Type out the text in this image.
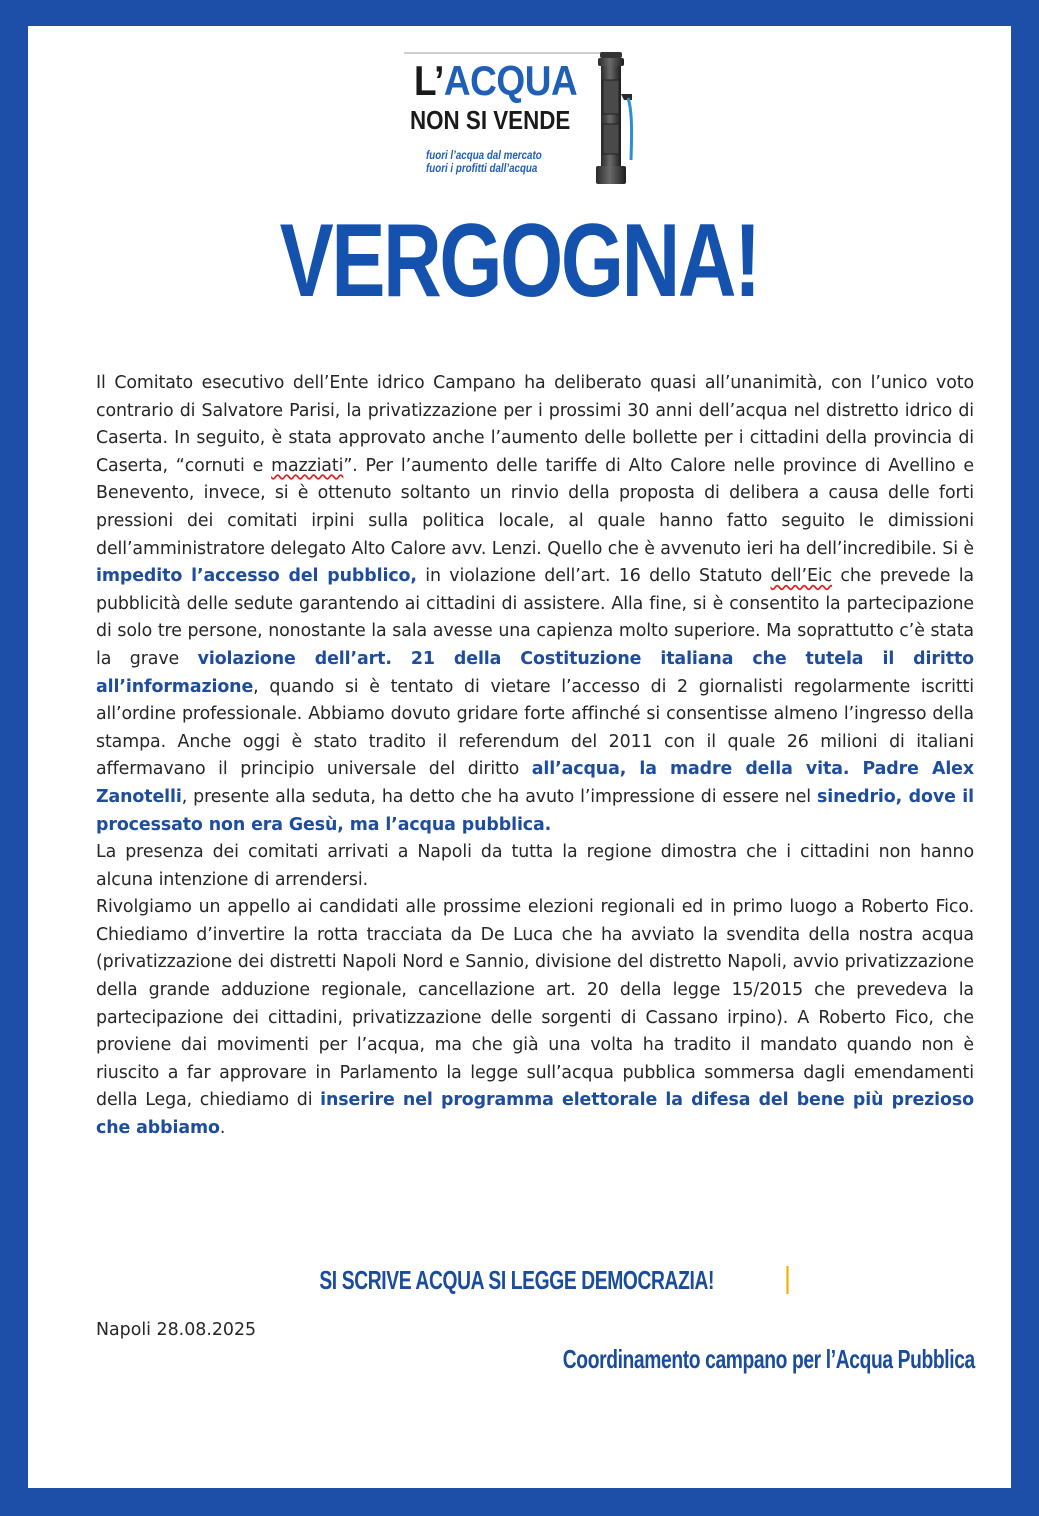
L’ACQUA
NON SI VENDE
fuori l’acqua dal mercato
fuori i profitti dall’acqua
VERGOGNA!

Il Comitato esecutivo dell’Ente idrico Campano ha deliberato quasi all’unanimità, con l’unico voto contrario di Salvatore Parisi, la privatizzazione per i prossimi 30 anni dell’acqua nel distretto idrico di Caserta. In seguito, è stata approvato anche l’aumento delle bollette per i cittadini della provincia di Caserta, “cornuti e mazziati”. Per l’aumento delle tariffe di Alto Calore nelle province di Avellino e Benevento, invece, si è ottenuto soltanto un rinvio della proposta di delibera a causa delle forti pressioni dei comitati irpini sulla politica locale, al quale hanno fatto seguito le dimissioni dell’amministratore delegato Alto Calore avv. Lenzi. Quello che è avvenuto ieri ha dell’incredibile. Si è impedito l’accesso del pubblico, in violazione dell’art. 16 dello Statuto dell’Eic che prevede la pubblicità delle sedute garantendo ai cittadini di assistere. Alla fine, si è consentito la partecipazione di solo tre persone, nonostante la sala avesse una capienza molto superiore. Ma soprattutto c’è stata la grave violazione dell’art. 21 della Costituzione italiana che tutela il diritto all’informazione, quando si è tentato di vietare l’accesso di 2 giornalisti regolarmente iscritti all’ordine professionale. Abbiamo dovuto gridare forte affinché si consentisse almeno l’ingresso della stampa. Anche oggi è stato tradito il referendum del 2011 con il quale 26 milioni di italiani affermavano il principio universale del diritto all’acqua, la madre della vita. Padre Alex Zanotelli, presente alla seduta, ha detto che ha avuto l’impressione di essere nel sinedrio, dove il processato non era Gesù, ma l’acqua pubblica.

La presenza dei comitati arrivati a Napoli da tutta la regione dimostra che i cittadini non hanno alcuna intenzione di arrendersi.

Rivolgiamo un appello ai candidati alle prossime elezioni regionali ed in primo luogo a Roberto Fico. Chiediamo d’invertire la rotta tracciata da De Luca che ha avviato la svendita della nostra acqua (privatizzazione dei distretti Napoli Nord e Sannio, divisione del distretto Napoli, avvio privatizzazione della grande adduzione regionale, cancellazione art. 20 della legge 15/2015 che prevedeva la partecipazione dei cittadini, privatizzazione delle sorgenti di Cassano irpino). A Roberto Fico, che proviene dai movimenti per l’acqua, ma che già una volta ha tradito il mandato quando non è riuscito a far approvare in Parlamento la legge sull’acqua pubblica sommersa dagli emendamenti della Lega, chiediamo di inserire nel programma elettorale la difesa del bene più prezioso che abbiamo.

SI SCRIVE ACQUA SI LEGGE DEMOCRAZIA!
Napoli 28.08.2025
Coordinamento campano per l’Acqua Pubblica
